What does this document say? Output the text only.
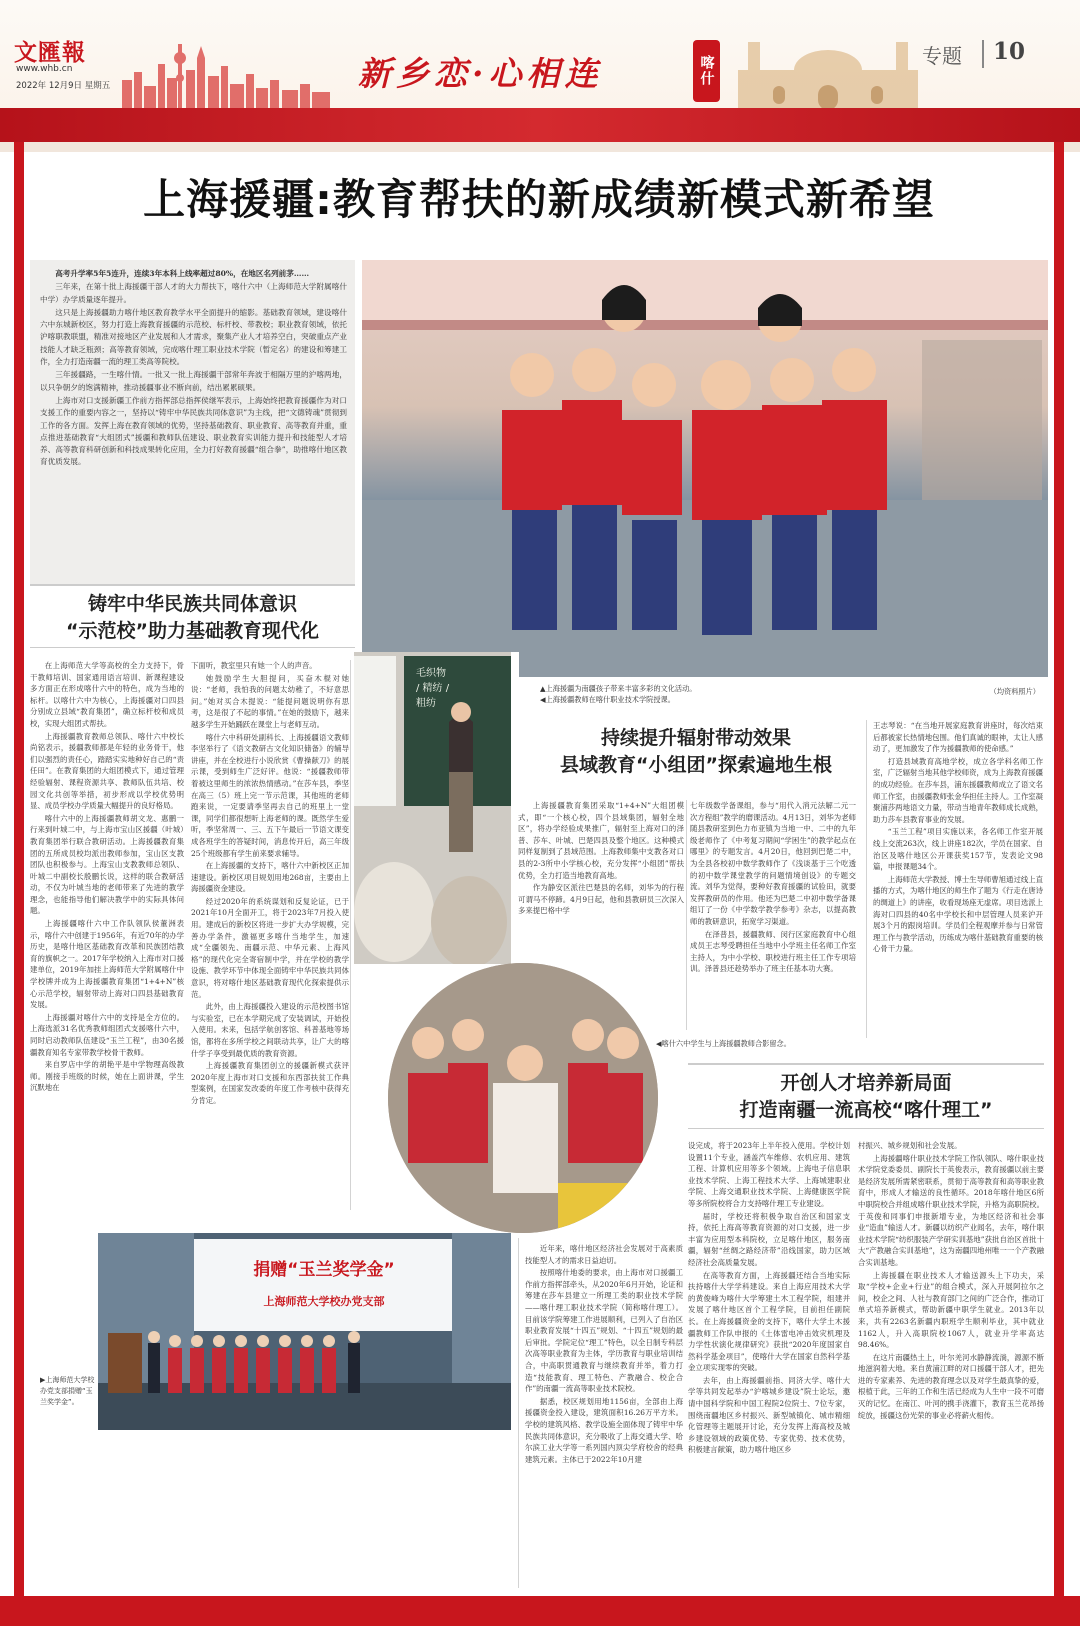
文匯報
www.whb.cn
2022年 12月9日 星期五	新乡恋·心相连	喀什	专题 10
上海援疆:教育帮扶的新成绩新模式新希望

高考升学率5年5连升，连续3年本科上线率超过80%，在地区名列前茅……

三年来，在第十批上海援疆干部人才的大力帮扶下，喀什六中（上海师范大学附属喀什中学）办学质量逐年提升。

这只是上海援疆助力喀什地区教育教学水平全面提升的缩影。基础教育领域，建设喀什六中东城新校区，努力打造上海教育援疆的示范校、标杆校、带教校；职业教育领域，依托沪喀职教联盟，精准对接地区产业发展和人才需求，聚集产业人才培养空白，突破重点产业技能人才缺乏瓶颈；高等教育领域，完成喀什理工职业技术学院（暂定名）的建设和筹建工作，全力打造南疆一流的理工类高等院校。

三年援疆路，一生喀什情。一批又一批上海援疆干部常年奔波于相隔万里的沪喀两地，以只争朝夕的饱满精神，推动援疆事业不断向前，结出累累硕果。

上海市对口支援新疆工作前方指挥部总指挥侯继军表示，上海始终把教育援疆作为对口支援工作的重要内容之一，坚持以“铸牢中华民族共同体意识”为主线，把“文德铸魂”贯彻到工作的各方面。发挥上海在教育领域的优势，坚持基础教育、职业教育、高等教育并重，重点推进基础教育“大组团式”援疆和教师队伍建设、职业教育实训能力提升和技能型人才培养、高等教育科研创新和科技成果转化应用，全力打好教育援疆“组合拳”，助推喀什地区教育优质发展。

铸牢中华民族共同体意识
“示范校”助力基础教育现代化

在上海师范大学等高校的全力支持下，骨干教师培训、国家通用语言培训、新课程建设多方面正在形成喀什六中的特色，成为当地的标杆。以喀什六中为核心，上海援疆对口四县分别成立县域“教育集团”，确立标杆校和成员校，实现大组团式帮扶。

上海援疆教育教师总领队、喀什六中校长尚铭表示，援疆教师都是年轻的业务骨干，他们以强烈的责任心，踏踏实实地种好自己的“责任田”。在教育集团的大组团模式下，通过管理经验辐射、课程资源共享、教师队伍共培、校园文化共创等举措，初步形成以学校优势明显、成员学校办学质量大幅提升的良好格局。

喀什六中的上海援疆教师胡文龙、惠鹏一行来到叶城二中，与上海市宝山区援疆（叶城）教育集团举行联合教研活动。上海援疆教育集团的五所成员校均派出教师参加，宝山区支教团队也积极参与。上海宝山支教教师总领队、叶城二中副校长殷鹏长说，这样的联合教研活动，不仅为叶城当地的老师带来了先进的教学理念，也能指导他们解决教学中的实际具体问题。

上海援疆喀什六中工作队领队侯董洲表示，喀什六中创建于1956年，有近70年的办学历史，是喀什地区基础教育改革和民族团结教育的旗帜之一。2017年学校纳入上海市对口援建单位，2019年加挂上海师范大学附属喀什中学校牌并成为上海援疆教育集团“1+4+N”核心示范学校，辐射带动上海对口四县基础教育发展。

上海援疆对喀什六中的支持是全方位的。上海选派31名优秀教师组团式支援喀什六中，同时启动教师队伍建设“玉兰工程”，由30名援疆教育知名专家带教学校骨干教师。

来自罗店中学的胡艳平是中学物理高级教师。刚接手班级的时候，她在上面讲课，学生沉默地在

下面听，教室里只有她一个人的声音。

她鼓励学生大胆提问，买奋木棍对她说：“老师，我怕我的问题太幼稚了，不好意思问。”她对买合木提说：“能提问题说明你有思考，这是很了不起的事情。”在她的鼓励下，越来越多学生开始踊跃在课堂上与老师互动。

喀什六中科研处副科长、上海援疆语文教师李坚举行了《语文教研古文化知识储备》的辅导讲座，并在全校进行小说欣赏《曹操献刀》的展示课，受到师生广泛好评。他说：“援疆教师带着被这里师生的浓浓热情感动。”在莎车县，季坚在高三（5）班上完一节示范课，其他班的老师跑来说，一定要请季坚再去自己的班里上一堂课，同学们都很想听上海老师的课。既然学生爱听，季坚常周一、三、五下午最后一节语文课变成各班学生的答疑时间，消息传开后，高三年级25个班级都有学生前来要求辅导。

在上海援疆的支持下，喀什六中新校区正加速建设。新校区项目规划用地268亩，主要由上海援疆资金建设。

经过2020年的系统谋划和反复论证，已于2021年10月全面开工，将于2023年7月投入使用。建成后的新校区将进一步扩大办学规模，完善办学条件，激福更多喀什当地学生，加速成“全疆领先、南疆示范、中华元素、上海风格”的现代化完全寄宿制中学，并在学校的教学设施、教学环节中体现全面铸牢中华民族共同体意识，将对喀什地区基础教育现代化探索提供示范。

此外，由上海援疆投入建设的示范校图书馆与实验室，已在本学期完成了安装调试，开始投入使用。未来，包括学航创客馆、科普基地等场馆，都将在多所学校之间联动共享，让广大的喀什学子享受到最优质的教育资源。

上海援疆教育集团创立的援疆新模式获评2020年度上海市对口支援和东西部扶贫工作典型案例，在国家发改委的年度工作考核中获得充分肯定。

毛织物 / 精纺 / 粗纺
▲上海援疆为南疆孩子带来丰富多彩的文化活动。
◀上海援疆教师在喀什职业技术学院授课。
（均资料照片）
持续提升辐射带动效果
县域教育“小组团”探索遍地生根

上海援疆教育集团采取“1+4+N”大组团模式，即“一个核心校，四个县域集团，辐射全地区”，将办学经验成果推广，辐射至上海对口的泽普、莎车、叶城、巴楚四县及整个地区。这种模式同样复制到了县域范围。上海教师集中支教各对口县的2-3所中小学核心校，充分发挥“小组团”帮扶优势，全力打造当地教育高地。

作为静安区派往巴楚县的名师，刘华为的行程可谓马不停蹄。4月9日起，他和县教研员三次深入多来提巴格中学

七年级数学备课组，参与“用代入消元法解二元一次方程组”教学的磨课活动。4月13日，刘华为老师随县教研室到色力布亚镇为当地一中、二中的九年级老师作了《中考复习期间“学困生”的教学起点在哪里》的专题发言。4月20日，他回到巴楚二中，为全县各校初中数学教师作了《浅谈基于三个吃透的初中数学课堂教学的问题情境创设》的专题交流。刘华为觉得，要种好教育援疆的试验田，就要发挥教研员的作用。他还为巴楚二中初中数学备课组订了一份《中学数学教学参考》杂志，以提高教师的教研意识，拓宽学习渠道。

在泽普县，援疆教师、闵行区家庭教育中心组成员王志琴受聘担任当地中小学班主任名师工作室主持人，为中小学校、职校进行班主任工作专项培训。泽普县还趁势举办了班主任基本功大赛。

王志琴说：“在当地开展家庭教育讲座时，每次结束后都被家长热情地包围。他们真诚的眼神，太让人感动了，更加激发了作为援疆教师的使命感。”

打造县域教育高地学校，成立各学科名师工作室，广泛辐射当地其他学校师资，成为上海教育援疆的成功经验。在莎车县，浦东援疆教师成立了语文名师工作室，由援疆教师张金华担任主持人。工作室凝聚浦莎两地语文力量，带动当地青年教师成长成熟，助力莎车县教育事业的发展。

“玉兰工程”项目实施以来，各名师工作室开展线上交流263次，线上讲座182次，学员在国家、自治区及喀什地区公开课获奖157节，发表论文98篇，申报课题34个。

上海师范大学教授、博士生导师曹旭通过线上直播的方式，为喀什地区的师生作了题为《行走在唐诗的绸道上》的讲座，收看现场座无虚席。项目选派上海对口四县的40名中学校长和中层管理人员来沪开展3个月的跟岗培训。学员们全程观摩并参与日常管理工作与教学活动，历练成为喀什基础教育重要的核心骨干力量。

◀喀什六中学生与上海援疆教师合影留念。
开创人才培养新局面
打造南疆一流高校“喀什理工”

近年来，喀什地区经济社会发展对于高素质技能型人才的需求日益迫切。

按照喀什地委的要求，由上海市对口援疆工作前方指挥部牵头，从2020年6月开始，论证和筹建在莎车县建立一所理工类的职业技术学院——喀什理工职业技术学院（简称喀什理工）。目前该学院筹建工作进展顺利，已列入了自治区职业教育发展“十四五”规划、“十四五”规划的最后审批。学院定位“理工”特色，以全日制专科层次高等职业教育为主体，学历教育与职业培训结合，中高职贯通教育与继续教育并举，着力打造“技能教育、理工特色、产教融合、校企合作”的南疆一流高等职业技术院校。

据悉，校区规划用地1156亩，全部由上海援疆资金投入建设，建筑面积16.26万平方米。学校的建筑风格、教学设施全面体现了铸牢中华民族共同体意识，充分吸收了上海交通大学、哈尔滨工业大学等一系列国内顶尖学府校舍的经典建筑元素。主体已于2022年10月建

设完成，将于2023年上半年投入使用。学校计划设置11个专业，涵盖汽车维修、农机应用、建筑工程、计算机应用等多个领域。上海电子信息职业技术学院、上海工程技术大学、上海城建职业学院、上海交通职业技术学院、上海健康医学院等多所院校将合力支持喀什理工专业建设。

届时，学校还将积极争取自治区和国家支持，依托上海高等教育资源的对口支援，进一步丰富为应用型本科院校，立足喀什地区，服务南疆，辐射“丝绸之路经济带”沿线国家，助力区域经济社会高质量发展。

在高等教育方面，上海援疆还结合当地实际扶持喀什大学学科建设。来自上海应用技术大学的黄俊峰为喀什大学筹建土木工程学院，组建并发展了喀什地区首个工程学院，目前担任副院长。在上海援疆资金的支持下，喀什大学土木援疆教师工作队申报的《土体雷电冲击效灾机理及力学性状演化规律研究》获批“2020年度国家自然科学基金项目”，使喀什大学在国家自然科学基金立项实现零的突破。

去年，由上海援疆前指、同济大学、喀什大学等共同发起举办“沪喀城乡建设”院士论坛，邀请中国科学院和中国工程院2位院士、7位专家，围绕南疆地区乡村振兴、新型城镇化、城市精细化管理等主题展开讨论，充分发挥上海高校及城乡建设领域的政策优势、专家优势、技术优势，积极建言献策，助力喀什地区乡

村振兴、城乡规划和社会发展。

上海援疆喀什职业技术学院工作队领队、喀什职业技术学院党委委员、副院长于英俊表示，教育援疆以前主要是经济发展所需紧密联系，贯彻于高等教育和高等职业教育中，形成人才输送的良性循环。2018年喀什地区6所中职院校合并组成喀什职业技术学院，升格为高职院校。于英俊和同事们申报新增专业，为地区经济和社会事业“造血”输送人才。新疆以纺织产业闻名，去年，喀什职业技术学院“纺织服装产学研实训基地”获批自治区首批十大“产教融合实训基地”，这为南疆四地州唯一一个产教融合实训基地。

上海援疆在职业技术人才输送源头上下功夫，采取“学校+企业+行业”的组合模式，深入开展阿拉尔之间，校企之间、人社与教育部门之间的广泛合作，推动订单式培养新模式，帮助新疆中职学生就业。2013年以来，共有2263名新疆内职班学生顺利毕业，其中就业1162人，升入高职院校1067人，就业升学率高达98.46%。

在这片南疆热土上，叶尔羌河水静静流淌，源源不断地滋润着大地。来自黄浦江畔的对口援疆干部人才，把先进的专家素养、先进的教育理念以及对学生最真挚的爱，根植于此，三年的工作和生活已经成为人生中一段不可磨灭的记忆。在南江、叶河的携手浇灌下，教育玉兰花昂扬绽放，援疆这份光荣的事业必将薪火相传。

捐赠“玉兰奖学金”
上海师范大学校办党支部
▶上海师范大学校办党支部捐赠“玉兰奖学金”。
